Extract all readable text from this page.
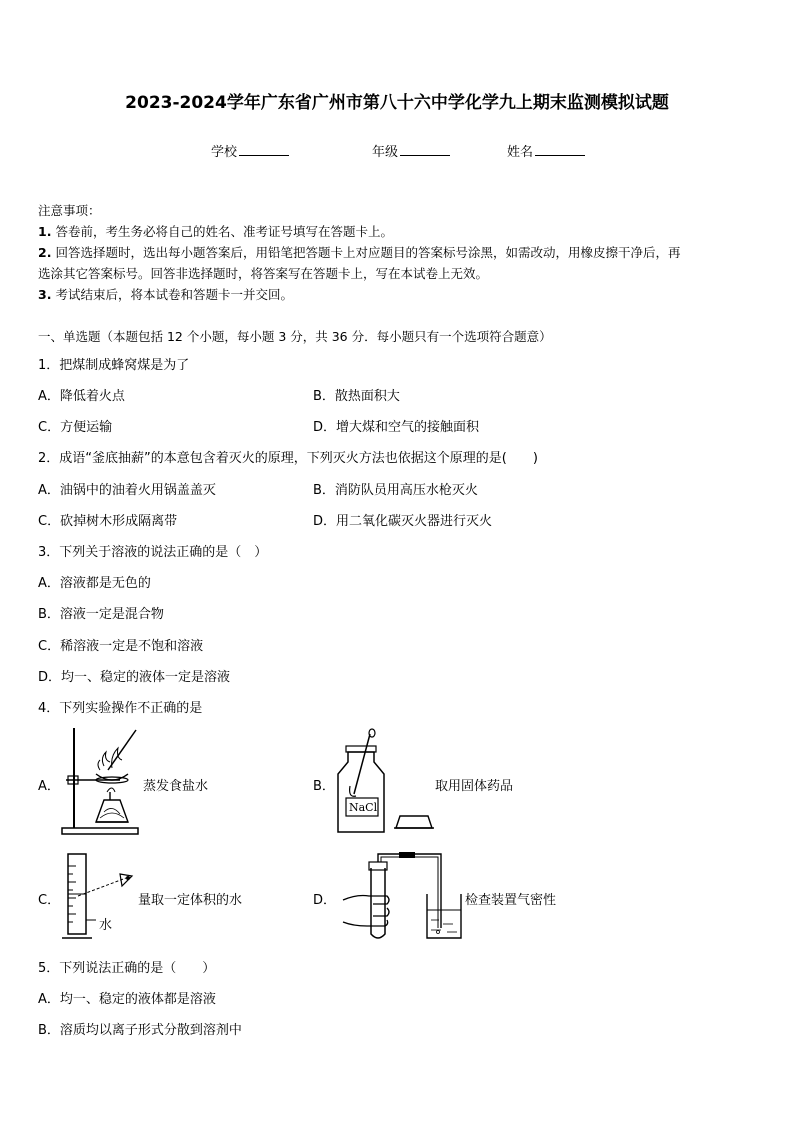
2023-2024学年广东省广州市第八十六中学化学九上期末监测模拟试题
学校	年级	姓名
注意事项：
1. 答卷前，考生务必将自己的姓名、准考证号填写在答题卡上。
2. 回答选择题时，选出每小题答案后，用铅笔把答题卡上对应题目的答案标号涂黑，如需改动，用橡皮擦干净后，再
选涂其它答案标号。回答非选择题时，将答案写在答题卡上，写在本试卷上无效。
3. 考试结束后，将本试卷和答题卡一并交回。
一、单选题（本题包括 12 个小题，每小题 3 分，共 36 分．每小题只有一个选项符合题意）
1．把煤制成蜂窝煤是为了
A．降低着火点	B．散热面积大
C．方便运输	D．增大煤和空气的接触面积
2．成语“釜底抽薪”的本意包含着灭火的原理，下列灭火方法也依据这个原理的是(　　)
A．油锅中的油着火用锅盖盖灭	B．消防队员用高压水枪灭火
C．砍掉树木形成隔离带	D．用二氧化碳灭火器进行灭火
3．下列关于溶液的说法正确的是（　）
A．溶液都是无色的
B．溶液一定是混合物
C．稀溶液一定是不饱和溶液
D．均一、稳定的液体一定是溶液
4．下列实验操作不正确的是
A．	蒸发食盐水	B．
NaCl
取用固体药品
C．
水
量取一定体积的水	D．	检查装置气密性
5．下列说法正确的是（　　）
A．均一、稳定的液体都是溶液
B．溶质均以离子形式分散到溶剂中
